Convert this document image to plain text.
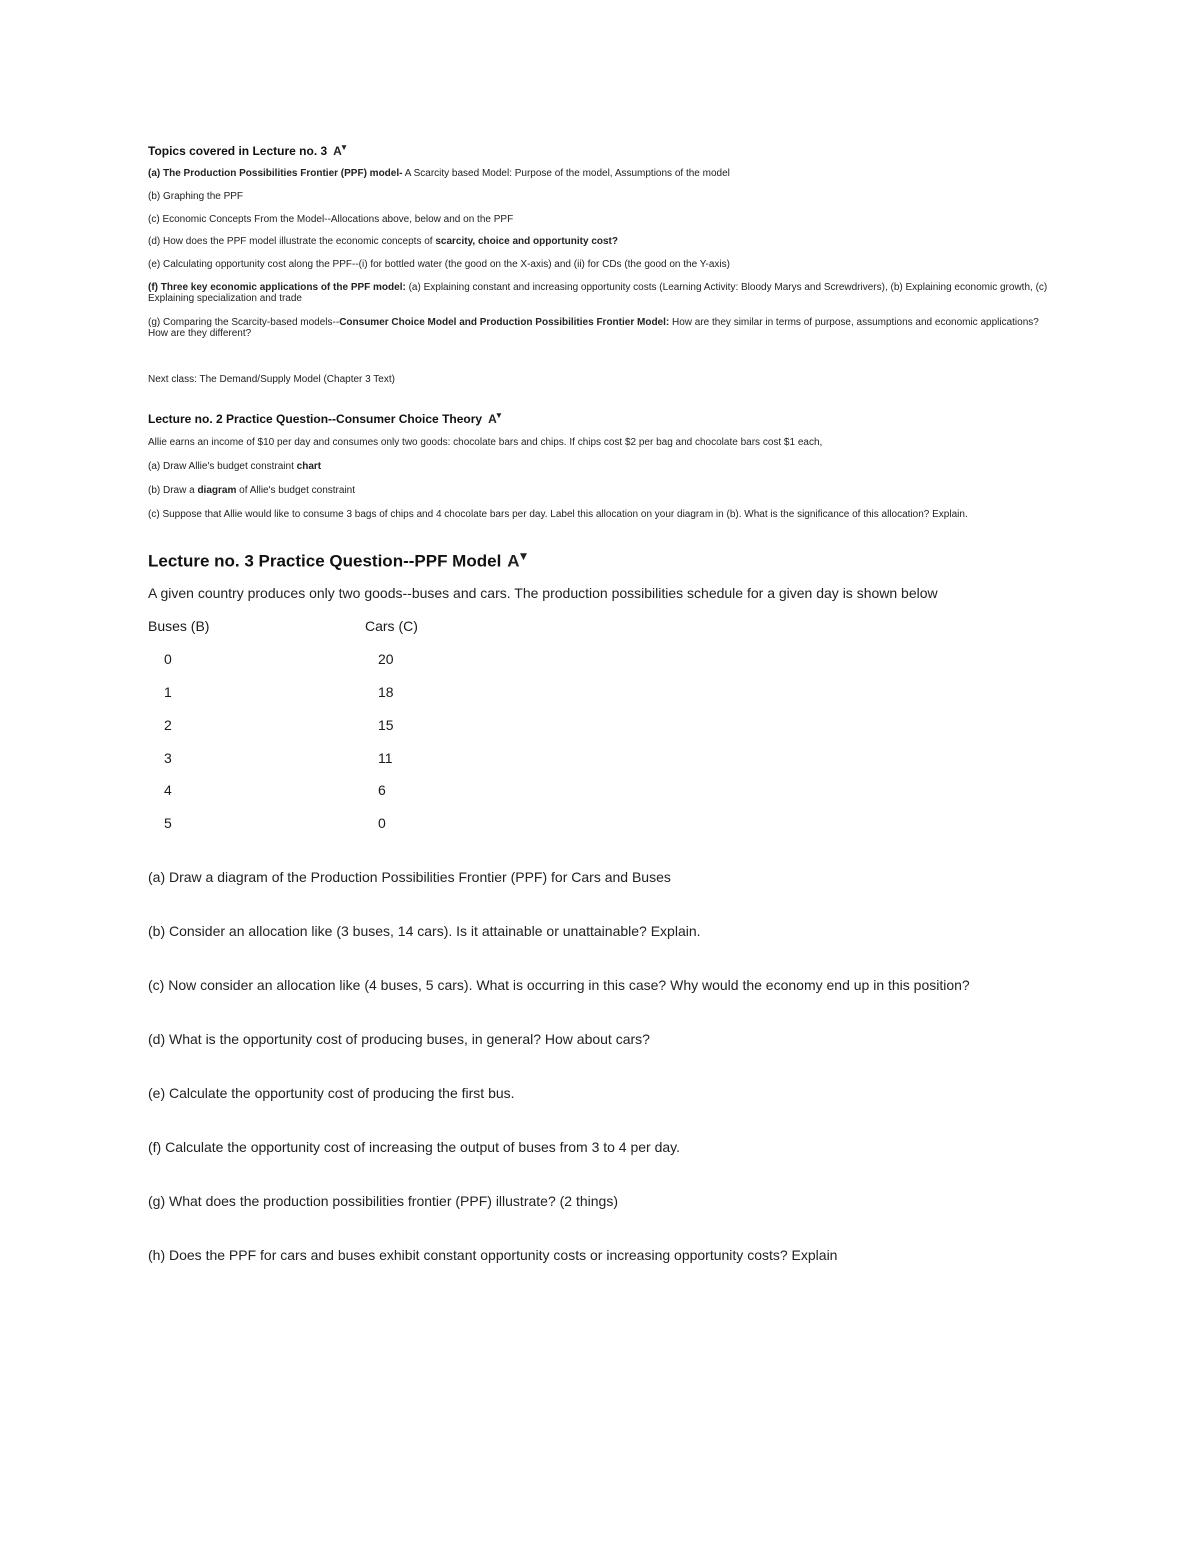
Topics covered in Lecture no. 3 A▼
(a) The Production Possibilities Frontier (PPF) model- A Scarcity based Model: Purpose of the model, Assumptions of the model
(b) Graphing the PPF
(c) Economic Concepts From the Model--Allocations above, below and on the PPF
(d) How does the PPF model illustrate the economic concepts of scarcity, choice and opportunity cost?
(e) Calculating opportunity cost along the PPF--(i) for bottled water (the good on the X-axis) and (ii) for CDs (the good on the Y-axis)
(f) Three key economic applications of the PPF model: (a) Explaining constant and increasing opportunity costs (Learning Activity: Bloody Marys and Screwdrivers), (b) Explaining economic growth, (c) Explaining specialization and trade
(g) Comparing the Scarcity-based models--Consumer Choice Model and Production Possibilities Frontier Model: How are they similar in terms of purpose, assumptions and economic applications? How are they different?
Next class: The Demand/Supply Model (Chapter 3 Text)
Lecture no. 2 Practice Question--Consumer Choice Theory A▼
Allie earns an income of $10 per day and consumes only two goods: chocolate bars and chips. If chips cost $2 per bag and chocolate bars cost $1 each,
(a) Draw Allie's budget constraint chart
(b) Draw a diagram of Allie's budget constraint
(c) Suppose that Allie would like to consume 3 bags of chips and 4 chocolate bars per day. Label this allocation on your diagram in (b). What is the significance of this allocation? Explain.
Lecture no. 3 Practice Question--PPF Model A▼
A given country produces only two goods--buses and cars. The production possibilities schedule for a given day is shown below
Buses (B)	Cars (C)
0	20
1	18
2	15
3	11
4	6
5	0
(a) Draw a diagram of the Production Possibilities Frontier (PPF) for Cars and Buses
(b) Consider an allocation like (3 buses, 14 cars). Is it attainable or unattainable? Explain.
(c) Now consider an allocation like (4 buses, 5 cars). What is occurring in this case? Why would the economy end up in this position?
(d) What is the opportunity cost of producing buses, in general? How about cars?
(e) Calculate the opportunity cost of producing the first bus.
(f) Calculate the opportunity cost of increasing the output of buses from 3 to 4 per day.
(g) What does the production possibilities frontier (PPF) illustrate? (2 things)
(h) Does the PPF for cars and buses exhibit constant opportunity costs or increasing opportunity costs? Explain
